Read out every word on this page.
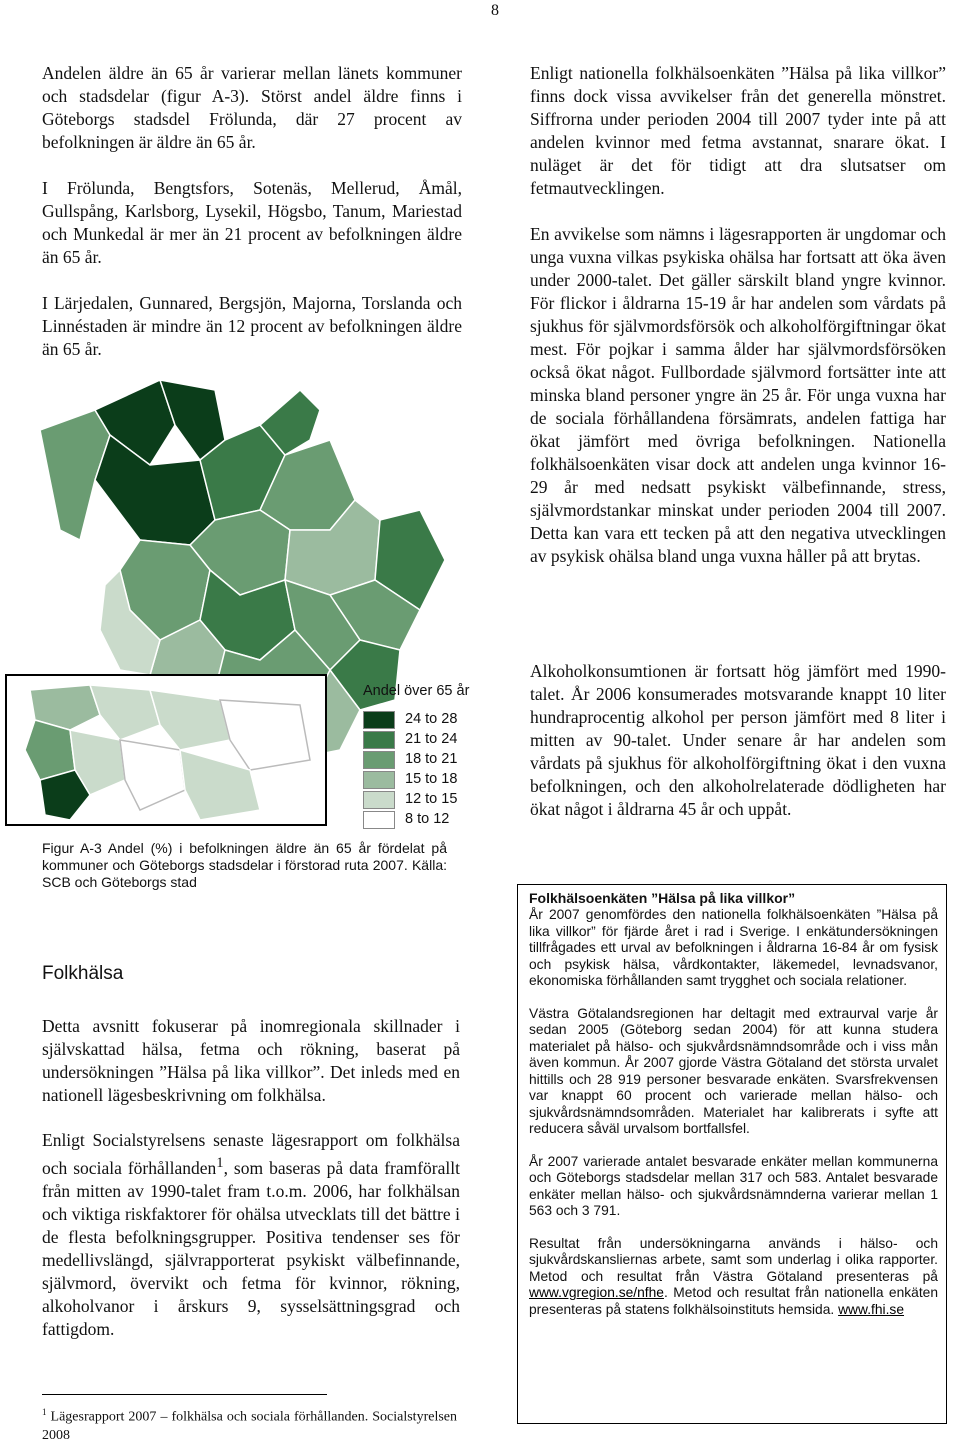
8

Andelen äldre än 65 år varierar mellan länets kommuner och stadsdelar (figur A-3). Störst andel äldre finns i Göteborgs stadsdel Frölunda, där 27 procent av befolkningen är äldre än 65 år.

I Frölunda, Bengtsfors, Sotenäs, Mellerud, Åmål, Gullspång, Karlsborg, Lysekil, Högsbo, Tanum, Mariestad och Munkedal är mer än 21 procent av befolkningen äldre än 65 år.

I Lärjedalen, Gunnared, Bergsjön, Majorna, Torslanda och Linnéstaden är mindre än 12 procent av befolkningen äldre än 65 år.

Enligt nationella folkhälsoenkäten ”Hälsa på lika villkor” finns dock vissa avvikelser från det generella mönstret. Siffrorna under perioden 2004 till 2007 tyder inte på att andelen kvinnor med fetma avstannat, snarare ökat. I nuläget är det för tidigt att dra slutsatser om fetmautvecklingen.

En avvikelse som nämns i lägesrapporten är ungdomar och unga vuxna vilkas psykiska ohälsa har fortsatt att öka även under 2000-talet. Det gäller särskilt bland yngre kvinnor. För flickor i åldrarna 15-19 år har andelen som vårdats på sjukhus för självmordsförsök och alkoholförgiftningar ökat mest. För pojkar i samma ålder har självmordsförsöken också ökat något. Fullbordade självmord fortsätter inte att minska bland personer yngre än 25 år. För unga vuxna har de sociala förhållandena försämrats, andelen fattiga har ökat jämfört med övriga befolkningen. Nationella folkhälsoenkäten visar dock att andelen unga kvinnor 16-29 år med nedsatt psykiskt välbefinnande, stress, självmordstankar minskat under perioden 2004 till 2007. Detta kan vara ett tecken på att den negativa utvecklingen av psykisk ohälsa bland unga vuxna håller på att brytas.

Alkoholkonsumtionen är fortsatt hög jämfört med 1990-talet. År 2006 konsumerades motsvarande knappt 10 liter hundraprocentig alkohol per person jämfört med 8 liter i mitten av 90-talet. Under senare år har andelen som vårdats på sjukhus för alkoholförgiftning ökat i den vuxna befolkningen, och den alkoholrelaterade dödligheten har ökat något i åldrarna 45 år och uppåt.

Andel över 65 år
24 to 28
21 to 24
18 to 21
15 to 18
12 to 15
8 to 12
Figur A-3 Andel (%) i befolkningen äldre än 65 år fördelat på kommuner och Göteborgs stadsdelar i förstorad ruta 2007. Källa: SCB och Göteborgs stad
Folkhälsa

Detta avsnitt fokuserar på inomregionala skillnader i självskattad hälsa, fetma och rökning, baserat på undersökningen ”Hälsa på lika villkor”. Det inleds med en nationell lägesbeskrivning om folkhälsa.

Enligt Socialstyrelsens senaste lägesrapport om folkhälsa och sociala förhållanden$^1$, som baseras på data framförallt från mitten av 1990-talet fram t.o.m. 2006, har folkhälsan och viktiga riskfaktorer för ohälsa utvecklats till det bättre i de flesta befolkningsgrupper. Positiva tendenser ses för medellivslängd, självrapporterat psykiskt välbefinnande, självmord, övervikt och fetma för kvinnor, rökning, alkoholvanor i årskurs 9, sysselsättningsgrad och fattigdom.

$^1$ Lägesrapport 2007 – folkhälsa och sociala förhållanden. Socialstyrelsen 2008

Folkhälsoenkäten ”Hälsa på lika villkor”

År 2007 genomfördes den nationella folkhälsoenkäten ”Hälsa på lika villkor” för fjärde året i rad i Sverige. I enkätundersökningen tillfrågades ett urval av befolkningen i åldrarna 16-84 år om fysisk och psykisk hälsa, vårdkontakter, läkemedel, levnadsvanor, ekonomiska förhållanden samt trygghet och sociala relationer.

Västra Götalandsregionen har deltagit med extraurval varje år sedan 2005 (Göteborg sedan 2004) för att kunna studera materialet på hälso- och sjukvårdsnämndsområde och i viss mån även kommun. År 2007 gjorde Västra Götaland det största urvalet hittills och 28 919 personer besvarade enkäten. Svarsfrekvensen var knappt 60 procent och varierade mellan hälso- och sjukvårdsnämndsområden. Materialet har kalibrerats i syfte att reducera såväl urvalsom bortfallsfel.

År 2007 varierade antalet besvarade enkäter mellan kommunerna och Göteborgs stadsdelar mellan 317 och 583. Antalet besvarade enkäter mellan hälso- och sjukvårdsnämnderna varierar mellan 1 563 och 3 791.

Resultat från undersökningarna används i hälso- och sjukvårdskansliernas arbete, samt som underlag i olika rapporter. Metod och resultat från Västra Götaland presenteras på www.vgregion.se/nfhe. Metod och resultat från nationella enkäten presenteras på statens folkhälsoinstituts hemsida. www.fhi.se
